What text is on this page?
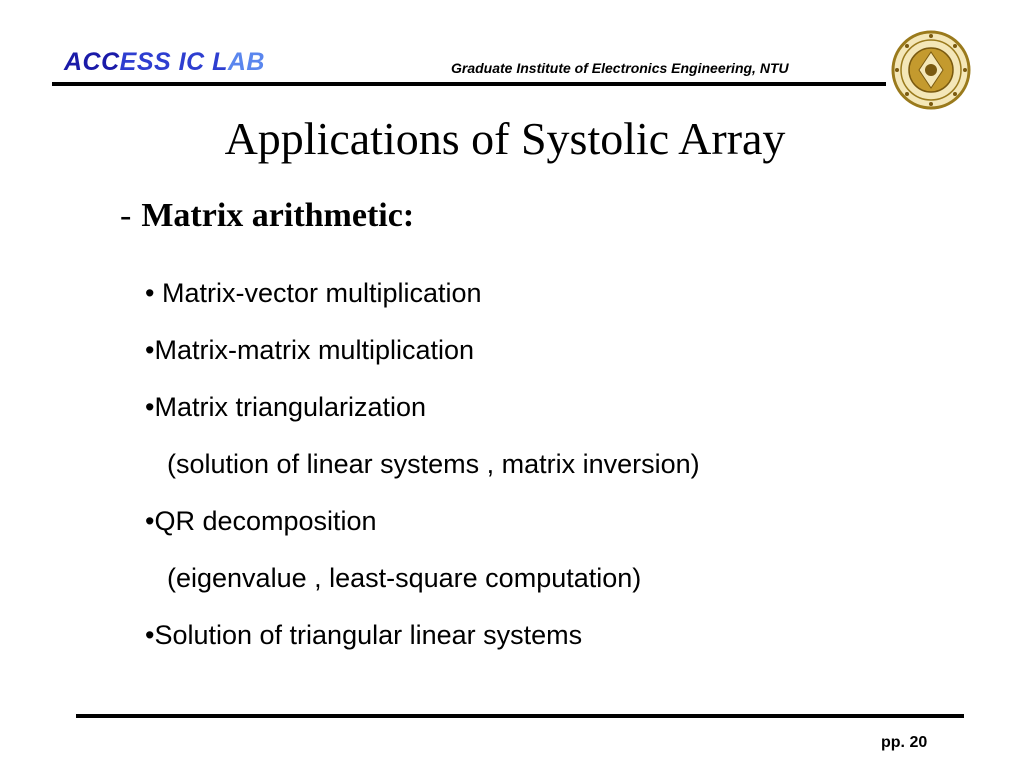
ACCESS IC LAB	Graduate Institute of Electronics Engineering, NTU
Applications of Systolic Array
- Matrix arithmetic:
• Matrix-vector multiplication
•Matrix-matrix multiplication
•Matrix triangularization
(solution of linear systems , matrix inversion)
•QR decomposition
(eigenvalue , least-square computation)
•Solution of triangular linear systems
pp. 20
